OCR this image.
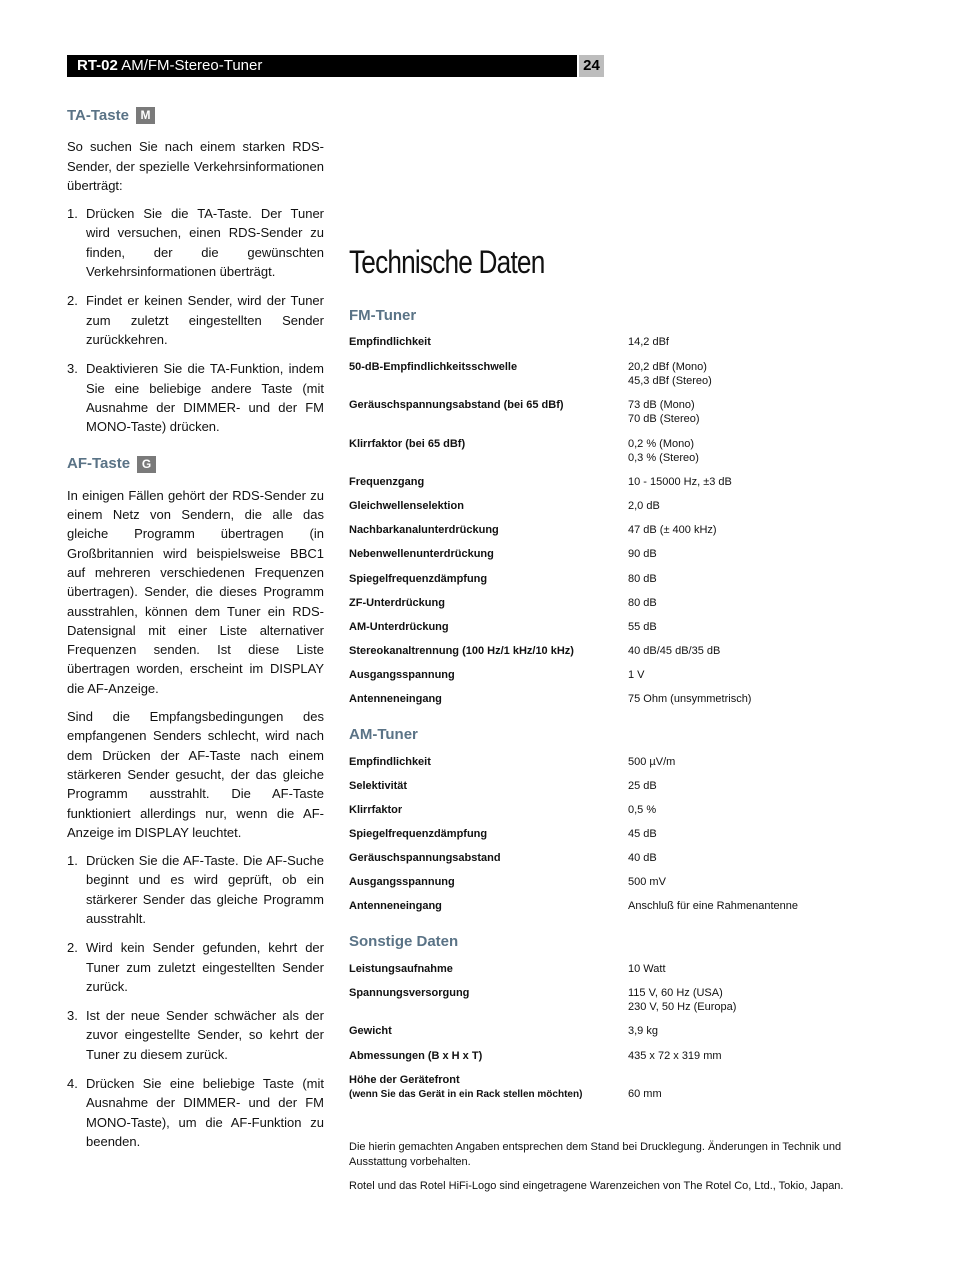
RT-02 AM/FM-Stereo-Tuner	24
TA-Taste M

So suchen Sie nach einem starken RDS-Sender, der spezielle Verkehrsinformationen überträgt:

1. Drücken Sie die TA-Taste. Der Tuner wird versuchen, einen RDS-Sender zu finden, der die gewünschten Verkehrsinformationen überträgt.
2. Findet er keinen Sender, wird der Tuner zum zuletzt eingestellten Sender zurückkehren.
3. Deaktivieren Sie die TA-Funktion, indem Sie eine beliebige andere Taste (mit Ausnahme der DIMMER- und der FM MONO-Taste) drücken.
AF-Taste G

In einigen Fällen gehört der RDS-Sender zu einem Netz von Sendern, die alle das gleiche Programm übertragen (in Großbritannien wird beispielsweise BBC1 auf mehreren verschiedenen Frequenzen übertragen). Sender, die dieses Programm ausstrahlen, können dem Tuner ein RDS-Datensignal mit einer Liste alternativer Frequenzen senden. Ist diese Liste übertragen worden, erscheint im DISPLAY die AF-Anzeige.

Sind die Empfangsbedingungen des empfangenen Senders schlecht, wird nach dem Drücken der AF-Taste nach einem stärkeren Sender gesucht, der das gleiche Programm ausstrahlt. Die AF-Taste funktioniert allerdings nur, wenn die AF-Anzeige im DISPLAY leuchtet.

1. Drücken Sie die AF-Taste. Die AF-Suche beginnt und es wird geprüft, ob ein stärkerer Sender das gleiche Programm ausstrahlt.
2. Wird kein Sender gefunden, kehrt der Tuner zum zuletzt eingestellten Sender zurück.
3. Ist der neue Sender schwächer als der zuvor eingestellte Sender, so kehrt der Tuner zu diesem zurück.
4. Drücken Sie eine beliebige Taste (mit Ausnahme der DIMMER- und der FM MONO-Taste), um die AF-Funktion zu beenden.
Technische Daten
FM-Tuner
Empfindlichkeit	14,2 dBf
50-dB-Empfindlichkeitsschwelle	20,2 dBf (Mono)
45,3 dBf (Stereo)
Geräuschspannungsabstand (bei 65 dBf)	73 dB (Mono)
70 dB (Stereo)
Klirrfaktor (bei 65 dBf)	0,2 % (Mono)
0,3 % (Stereo)
Frequenzgang	10 - 15000 Hz, ±3 dB
Gleichwellenselektion	2,0 dB
Nachbarkanalunterdrückung	47 dB (± 400 kHz)
Nebenwellenunterdrückung	90 dB
Spiegelfrequenzdämpfung	80 dB
ZF-Unterdrückung	80 dB
AM-Unterdrückung	55 dB
Stereokanaltrennung (100 Hz/1 kHz/10 kHz)	40 dB/45 dB/35 dB
Ausgangsspannung	1 V
Antenneneingang	75 Ohm (unsymmetrisch)
AM-Tuner
Empfindlichkeit	500 µV/m
Selektivität	25 dB
Klirrfaktor	0,5 %
Spiegelfrequenzdämpfung	45 dB
Geräuschspannungsabstand	40 dB
Ausgangsspannung	500 mV
Antenneneingang	Anschluß für eine Rahmenantenne
Sonstige Daten
Leistungsaufnahme	10 Watt
Spannungsversorgung	115 V, 60 Hz (USA)
230 V, 50 Hz (Europa)
Gewicht	3,9 kg
Abmessungen (B x H x T)	435 x 72 x 319 mm
Höhe der Gerätefront
(wenn Sie das Gerät in ein Rack stellen möchten)	60 mm
Die hierin gemachten Angaben entsprechen dem Stand bei Drucklegung. Änderungen in Technik und Ausstattung vorbehalten.
Rotel und das Rotel HiFi-Logo sind eingetragene Warenzeichen von The Rotel Co, Ltd., Tokio, Japan.
